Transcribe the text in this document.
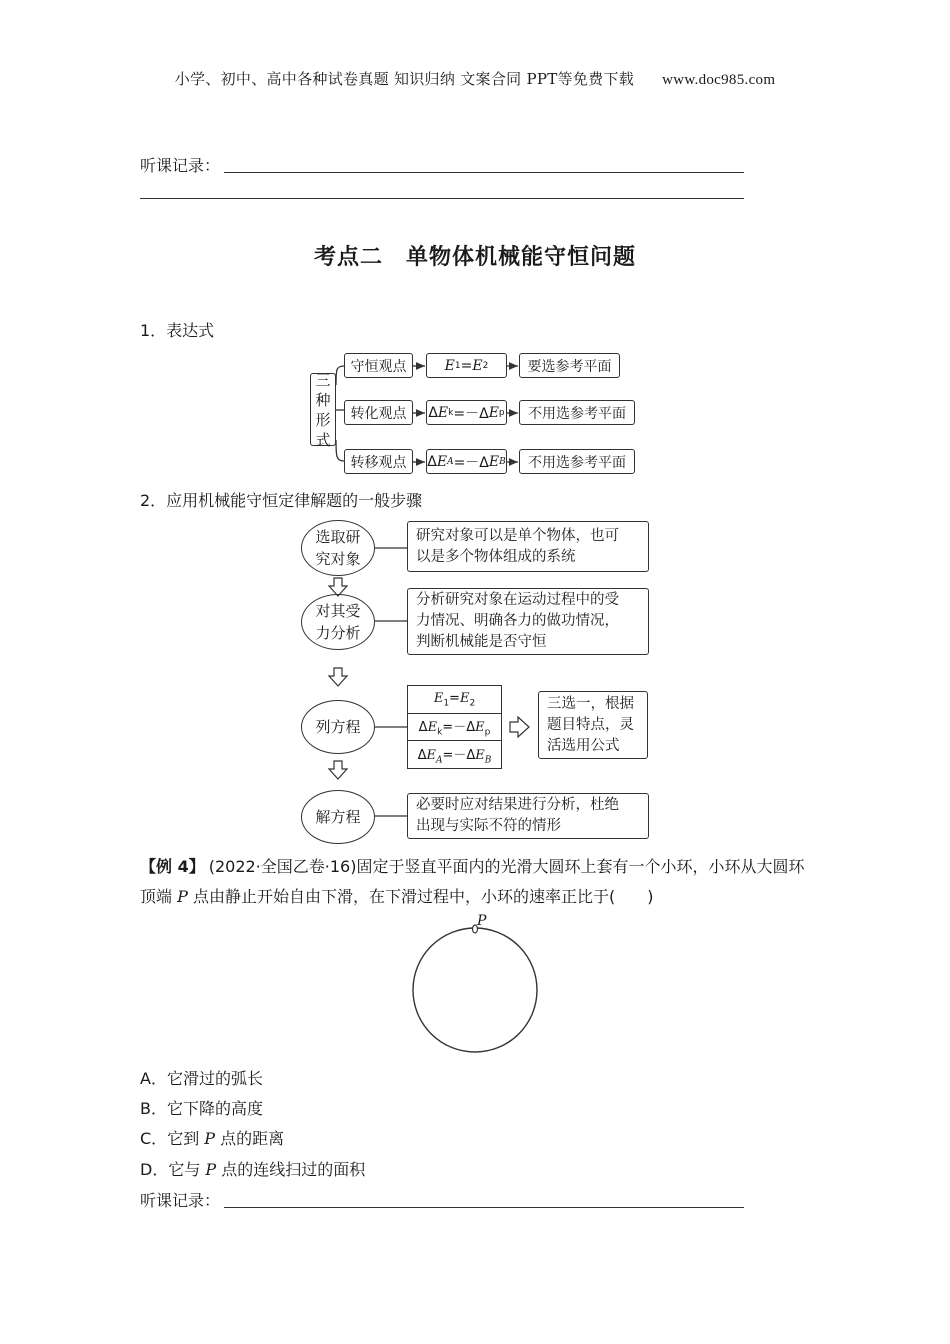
小学、初中、高中各种试卷真题 知识归纳 文案合同 PPT等免费下载 www.doc985.com
听课记录：
考点二　单物体机械能守恒问题
1．表达式
三
种
形
式
守恒观点	E 1 = E 2	要选参考平面
转化观点	Δ E k =－Δ E p	不用选参考平面
转移观点	Δ E A =－Δ E B	不用选参考平面
2．应用机械能守恒定律解题的一般步骤
选取研
究对象
研究对象可以是单个物体，也可
以是多个物体组成的系统
对其受
力分析
分析研究对象在运动过程中的受
力情况、明确各力的做功情况，
判断机械能是否守恒
列方程
$E_1=E_2$
$\Delta E_k=-\Delta E_p$
$\Delta E_A=-\Delta E_B$
三选一，根据
题目特点，灵
活选用公式
解方程
必要时应对结果进行分析，杜绝
出现与实际不符的情形
【例 4】 (2022·全国乙卷·16)固定于竖直平面内的光滑大圆环上套有一个小环，小环从大圆环
顶端 P 点由静止开始自由下滑，在下滑过程中，小环的速率正比于(　　)
P
A．它滑过的弧长
B．它下降的高度
C．它到 P 点的距离
D．它与 P 点的连线扫过的面积
听课记录：
